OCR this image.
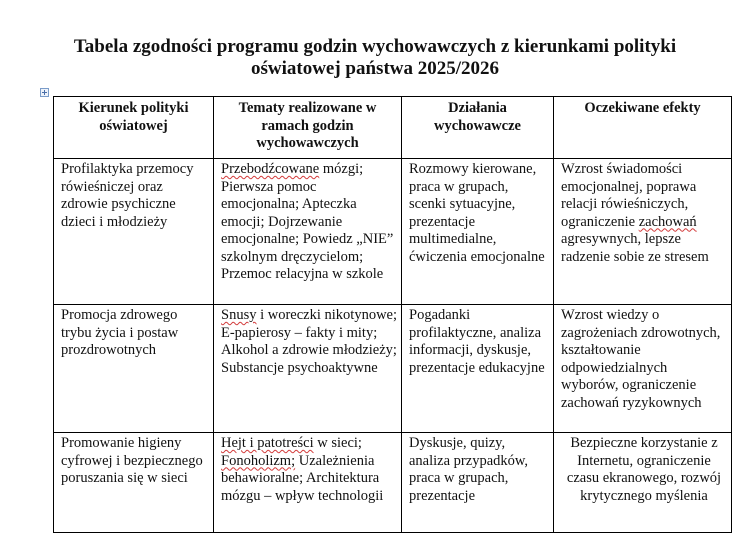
Tabela zgodności programu godzin wychowawczych z kierunkami polityki
oświatowej państwa 2025/2026
Kierunek polityki oświatowej	Tematy realizowane w ramach godzin wychowawczych	Działania wychowawcze	Oczekiwane efekty
Profilaktyka przemocy rówieśniczej oraz zdrowie psychiczne dzieci i młodzieży	Przebodźcowane mózgi; Pierwsza pomoc emocjonalna; Apteczka emocji; Dojrzewanie emocjonalne; Powiedz „NIE” szkolnym dręczycielom; Przemoc relacyjna w szkole	Rozmowy kierowane, praca w grupach, scenki sytuacyjne, prezentacje multimedialne, ćwiczenia emocjonalne	Wzrost świadomości emocjonalnej, poprawa relacji rówieśniczych, ograniczenie zachowań agresywnych, lepsze radzenie sobie ze stresem
Promocja zdrowego trybu życia i postaw prozdrowotnych	Snusy i woreczki nikotynowe; E-papierosy – fakty i mity; Alkohol a zdrowie młodzieży; Substancje psychoaktywne	Pogadanki profilaktyczne, analiza informacji, dyskusje, prezentacje edukacyjne	Wzrost wiedzy o zagrożeniach zdrowotnych, kształtowanie odpowiedzialnych wyborów, ograniczenie zachowań ryzykownych
Promowanie higieny cyfrowej i bezpiecznego poruszania się w sieci	Hejt i patotreści w sieci; Fonoholizm; Uzależnienia behawioralne; Architektura mózgu – wpływ technologii	Dyskusje, quizy, analiza przypadków, praca w grupach, prezentacje	Bezpieczne korzystanie z Internetu, ograniczenie czasu ekranowego, rozwój krytycznego myślenia
